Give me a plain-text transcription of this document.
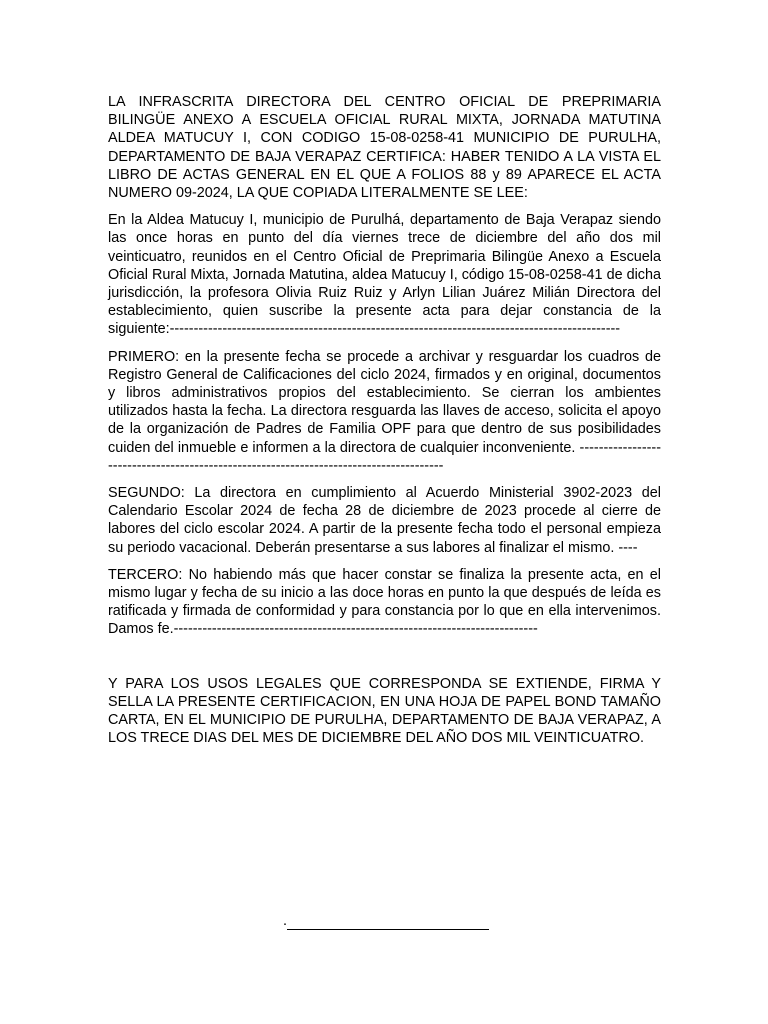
LA INFRASCRITA DIRECTORA DEL CENTRO OFICIAL DE PREPRIMARIA BILINGÜE ANEXO A ESCUELA OFICIAL RURAL MIXTA, JORNADA MATUTINA ALDEA MATUCUY I, CON CODIGO 15-08-0258-41 MUNICIPIO DE PURULHA, DEPARTAMENTO DE BAJA VERAPAZ CERTIFICA: HABER TENIDO A LA VISTA EL LIBRO DE ACTAS GENERAL EN EL QUE A FOLIOS 88 y 89 APARECE EL ACTA NUMERO 09-2024, LA QUE COPIADA LITERALMENTE SE LEE:

En la Aldea Matucuy I, municipio de Purulhá, departamento de Baja Verapaz siendo las once horas en punto del día viernes trece de diciembre del año dos mil veinticuatro, reunidos en el Centro Oficial de Preprimaria Bilingüe Anexo a Escuela Oficial Rural Mixta, Jornada Matutina, aldea Matucuy I, código 15-08-0258-41 de dicha jurisdicción, la profesora Olivia Ruiz Ruiz y Arlyn Lilian Juárez Milián Directora del establecimiento, quien suscribe la presente acta para dejar constancia de la

siguiente:----------------------------------------------------------------------------------------------

PRIMERO: en la presente fecha se procede a archivar y resguardar los cuadros de Registro General de Calificaciones del ciclo 2024, firmados y en original, documentos y libros administrativos propios del establecimiento. Se cierran los ambientes utilizados hasta la fecha. La directora resguarda las llaves de acceso, solicita el apoyo de la organización de Padres de Familia OPF para que dentro de sus posibilidades cuiden del inmueble e informen a la directora de cualquier inconveniente. ---------------------------------------------------------------------------------------

SEGUNDO: La directora en cumplimiento al Acuerdo Ministerial 3902-2023 del Calendario Escolar 2024 de fecha 28 de diciembre de 2023 procede al cierre de labores del ciclo escolar 2024. A partir de la presente fecha todo el personal empieza su periodo vacacional. Deberán presentarse a sus labores al finalizar el mismo. ----

TERCERO: No habiendo más que hacer constar se finaliza la presente acta, en el mismo lugar y fecha de su inicio a las doce horas en punto la que después de leída es ratificada y firmada de conformidad y para constancia por lo que en ella intervenimos. Damos fe.----------------------------------------------------------------------------

Y PARA LOS USOS LEGALES QUE CORRESPONDA SE EXTIENDE, FIRMA Y SELLA LA PRESENTE CERTIFICACION, EN UNA HOJA DE PAPEL BOND TAMAÑO CARTA, EN EL MUNICIPIO DE PURULHA, DEPARTAMENTO DE BAJA VERAPAZ, A LOS TRECE DIAS DEL MES DE DICIEMBRE DEL AÑO DOS MIL VEINTICUATRO.

.
